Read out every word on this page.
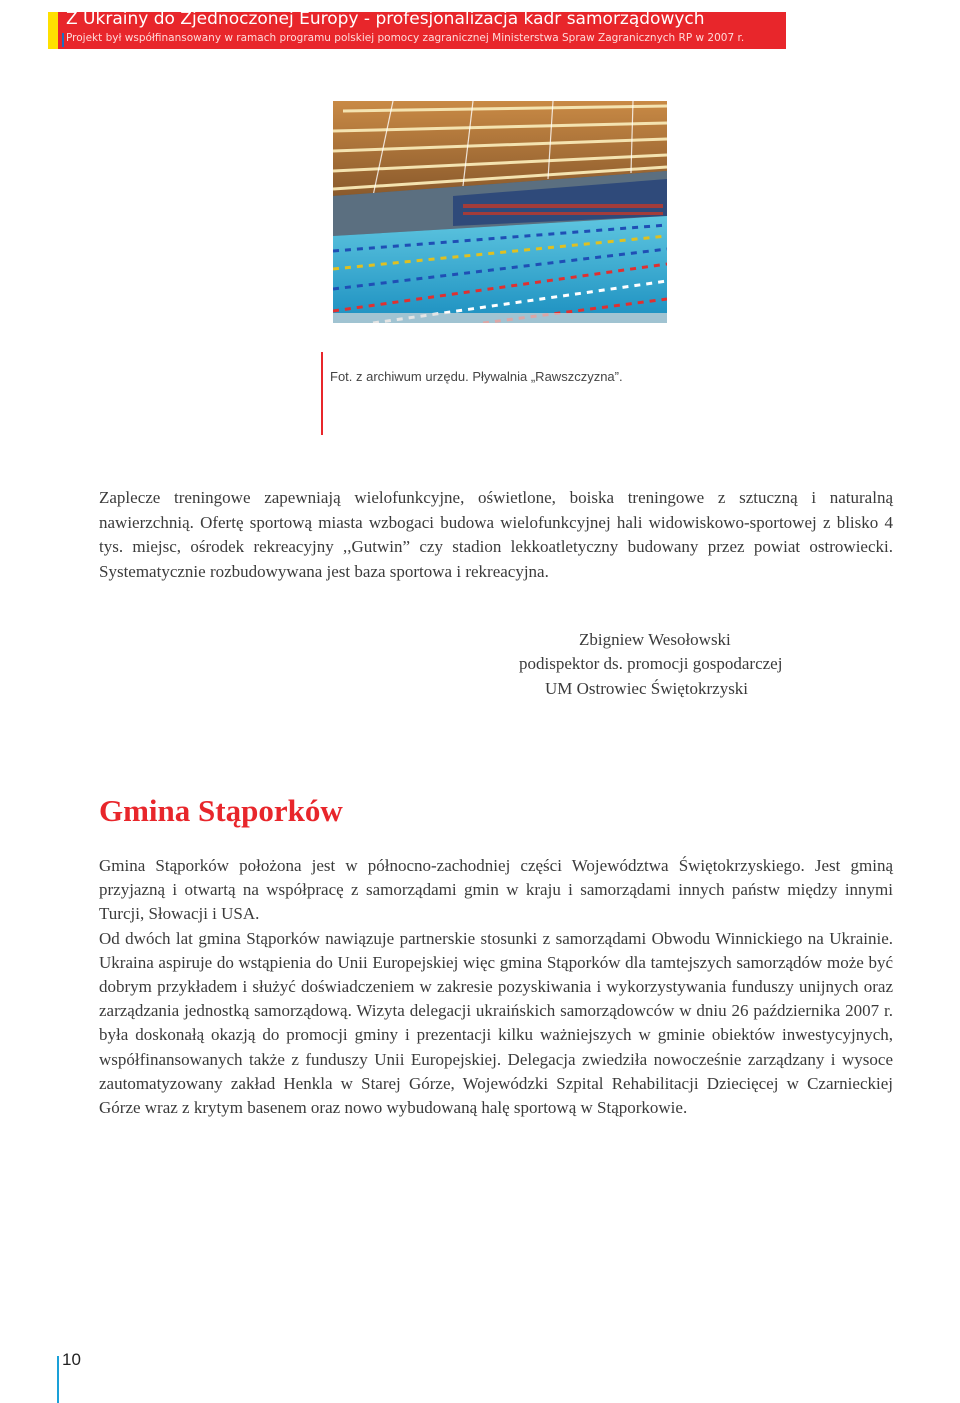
Z Ukrainy do Zjednoczonej Europy - profesjonalizacja kadr samorządowych
Projekt był współfinansowany w ramach programu polskiej pomocy zagranicznej Ministerstwa Spraw Zagranicznych RP w 2007 r.
Fot. z archiwum urzędu. Pływalnia „Rawszczyzna”.
Zaplecze treningowe zapewniają wielofunkcyjne, oświetlone, boiska treningowe z sztuczną i naturalną nawierzchnią. Ofertę sportową miasta wzbogaci budowa wielofunkcyjnej hali widowiskowo-sportowej z blisko 4 tys. miejsc, ośrodek rekreacyjny ,,Gutwin” czy stadion lekkoatletyczny budowany przez powiat ostrowiecki. Systematycznie rozbudowywana jest baza sportowa i rekreacyjna.
Zbigniew Wesołowski
podispektor ds. promocji gospodarczej
UM Ostrowiec Świętokrzyski
Gmina Stąporków

Gmina Stąporków położona jest w północno-zachodniej części Województwa Świętokrzyskiego. Jest gminą przyjazną i otwartą na współpracę z samorządami gmin w kraju i samorządami innych państw między innymi Turcji, Słowacji i USA.

Od dwóch lat gmina Stąporków nawiązuje partnerskie stosunki z samorządami Obwodu Winnickiego na Ukrainie. Ukraina aspiruje do wstąpienia do Unii Europejskiej więc gmina Stąporków dla tamtejszych samorządów może być dobrym przykładem i służyć doświadczeniem w zakresie pozyskiwania i wykorzystywania funduszy unijnych oraz zarządzania jednostką samorządową. Wizyta delegacji ukraińskich samorządowców w dniu 26 października 2007 r. była doskonałą okazją do promocji gminy i prezentacji kilku ważniejszych w gminie obiektów inwestycyjnych, współfinansowanych także z funduszy Unii Europejskiej. Delegacja zwiedziła nowocześnie zarządzany i wysoce zautomatyzowany zakład Henkla w Starej Górze, Wojewódzki Szpital Rehabilitacji Dziecięcej w Czarnieckiej Górze wraz z krytym basenem oraz nowo wybudowaną halę sportową w Stąporkowie.

10
